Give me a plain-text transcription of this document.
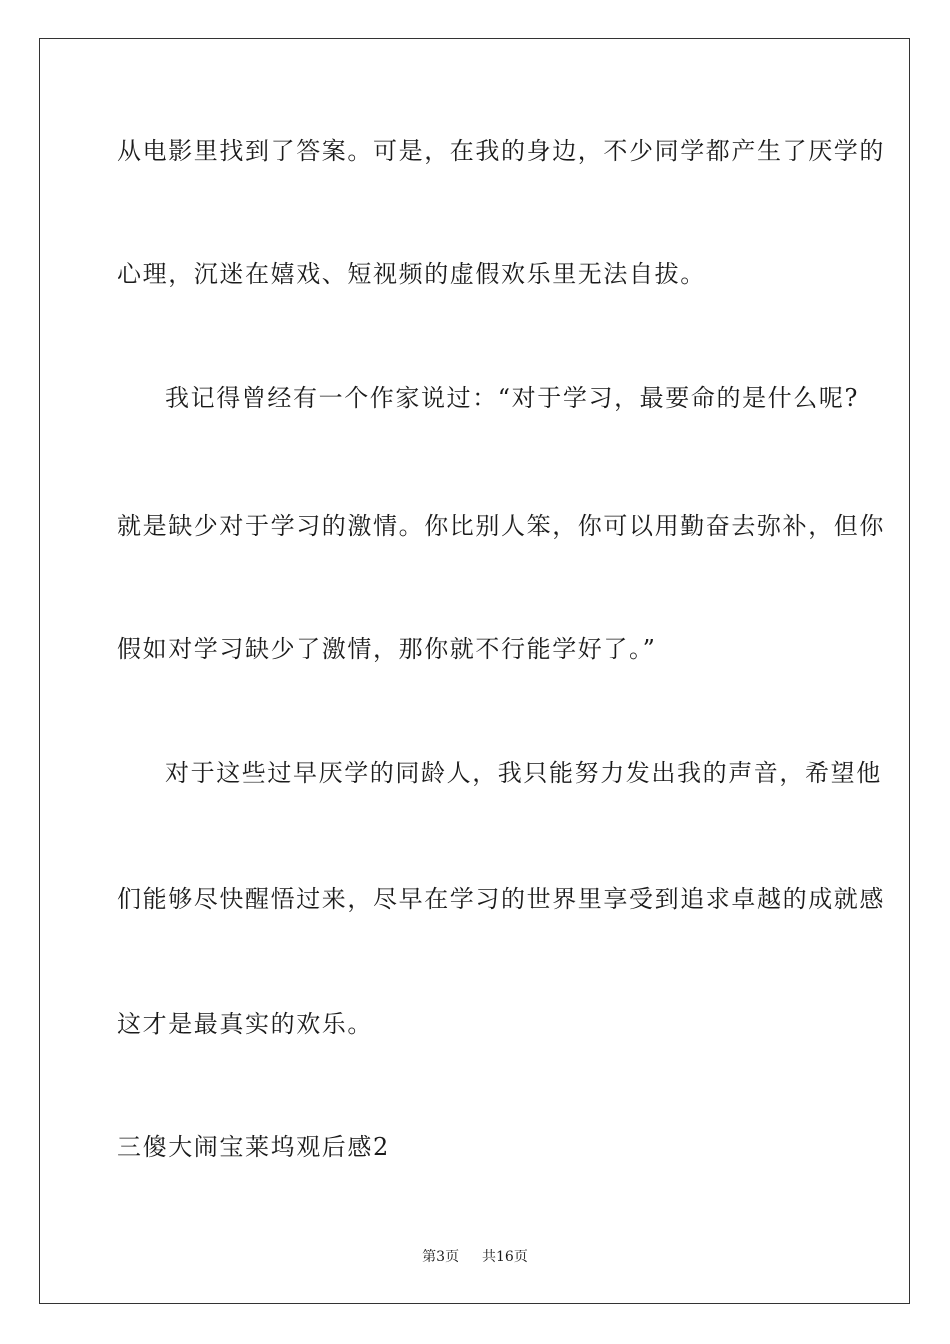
从电影里找到了答案。可是，在我的身边，不少同学都产生了厌学的
心理，沉迷在嬉戏、短视频的虚假欢乐里无法自拔。
我记得曾经有一个作家说过：“对于学习，最要命的是什么呢?
就是缺少对于学习的激情。你比别人笨，你可以用勤奋去弥补，但你
假如对学习缺少了激情，那你就不行能学好了。”
对于这些过早厌学的同龄人，我只能努力发出我的声音，希望他
们能够尽快醒悟过来，尽早在学习的世界里享受到追求卓越的成就感
这才是最真实的欢乐。
三傻大闹宝莱坞观后感2
第3页 共16页
